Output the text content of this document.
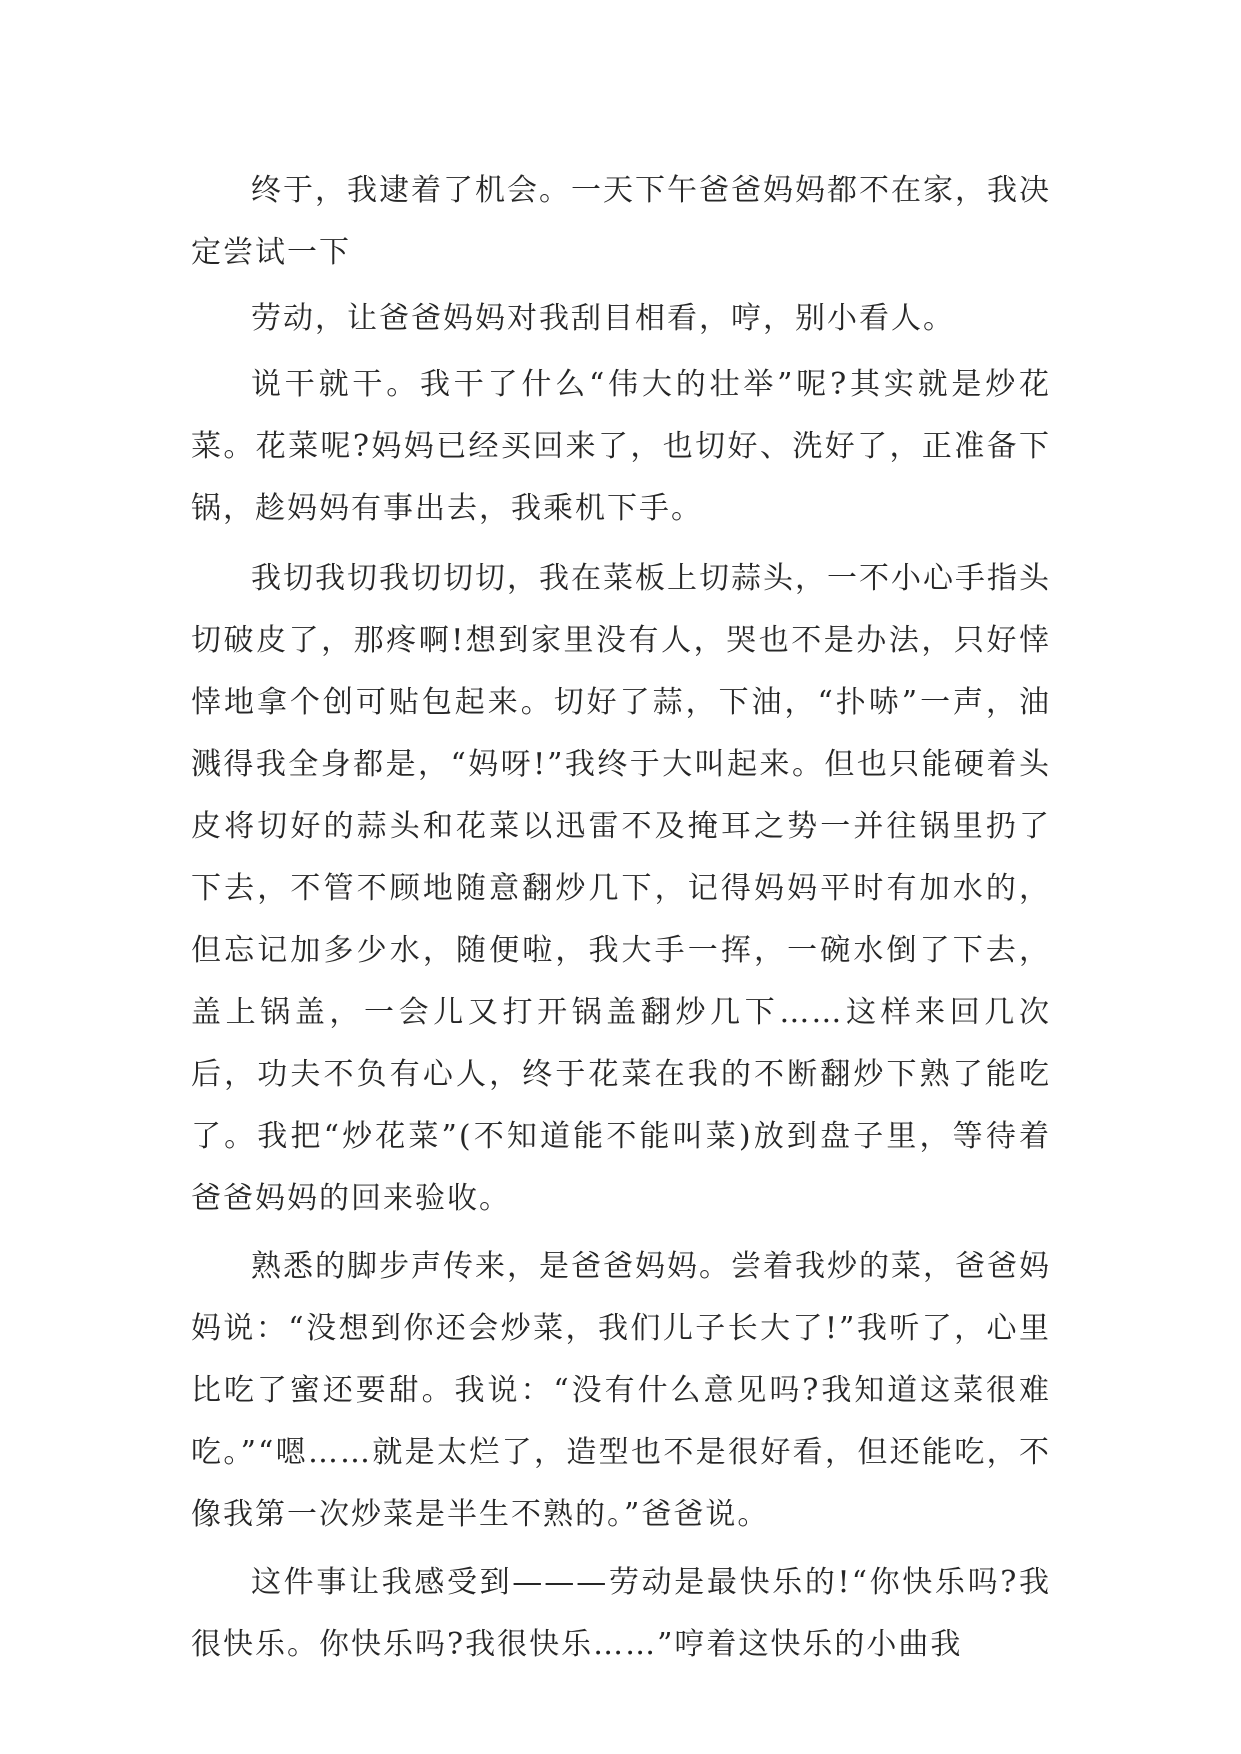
终于，我逮着了机会。一天下午爸爸妈妈都不在家，我决定尝试一下

劳动，让爸爸妈妈对我刮目相看，哼，别小看人。

说干就干。我干了什么“伟大的壮举”呢?其实就是炒花菜。花菜呢?妈妈已经买回来了，也切好、洗好了，正准备下锅，趁妈妈有事出去，我乘机下手。

我切我切我切切切，我在菜板上切蒜头，一不小心手指头切破皮了，那疼啊!想到家里没有人，哭也不是办法，只好悻悻地拿个创可贴包起来。切好了蒜，下油，“扑哧”一声，油溅得我全身都是，“妈呀!”我终于大叫起来。但也只能硬着头皮将切好的蒜头和花菜以迅雷不及掩耳之势一并往锅里扔了下去，不管不顾地随意翻炒几下，记得妈妈平时有加水的，但忘记加多少水，随便啦，我大手一挥，一碗水倒了下去，盖上锅盖，一会儿又打开锅盖翻炒几下……这样来回几次后，功夫不负有心人，终于花菜在我的不断翻炒下熟了能吃了。我把“炒花菜”(不知道能不能叫菜)放到盘子里，等待着爸爸妈妈的回来验收。

熟悉的脚步声传来，是爸爸妈妈。尝着我炒的菜，爸爸妈妈说：“没想到你还会炒菜，我们儿子长大了!”我听了，心里比吃了蜜还要甜。我说：“没有什么意见吗?我知道这菜很难吃。”“嗯……就是太烂了，造型也不是很好看，但还能吃，不像我第一次炒菜是半生不熟的。”爸爸说。

这件事让我感受到———劳动是最快乐的!“你快乐吗?我很快乐。你快乐吗?我很快乐……”哼着这快乐的小曲我
